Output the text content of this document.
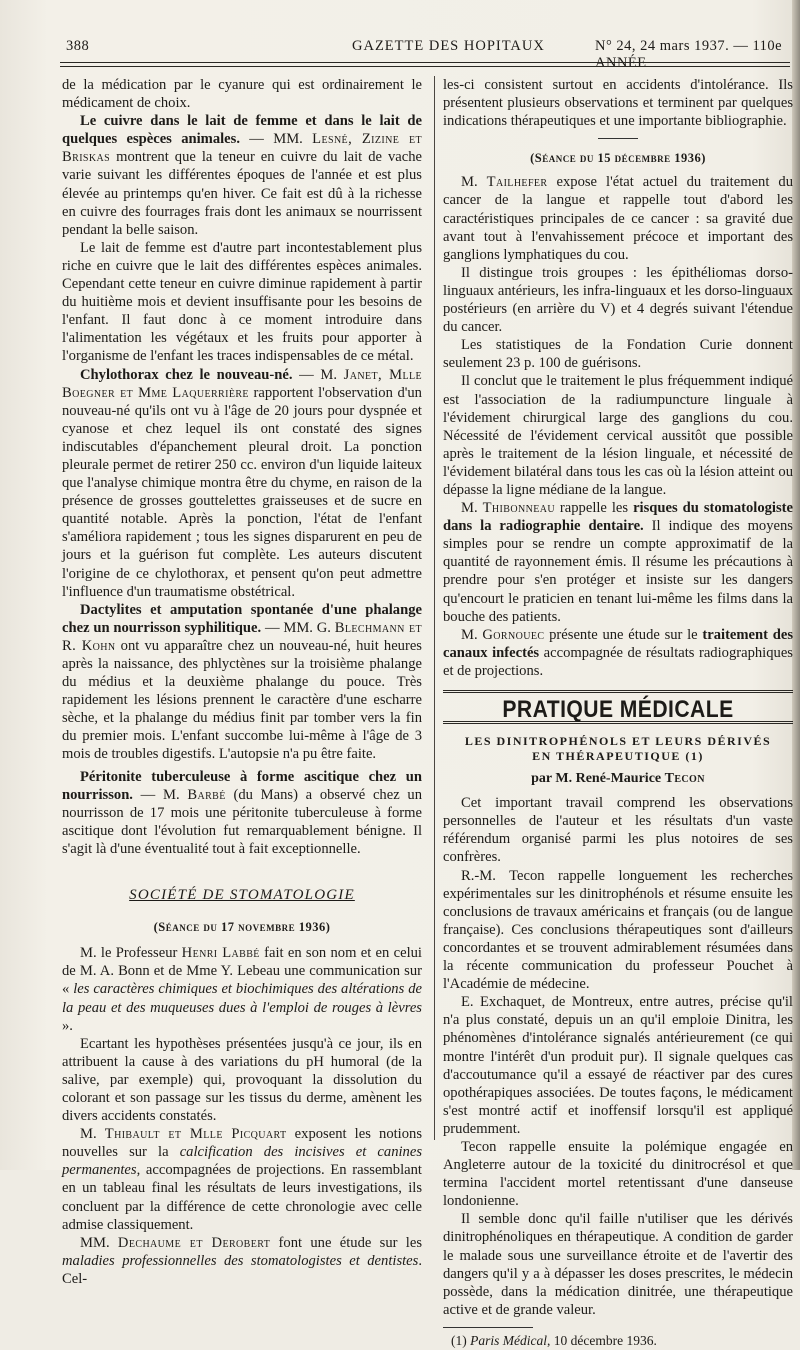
388	GAZETTE DES HOPITAUX	N° 24, 24 mars 1937. — 110e ANNÉE

de la médication par le cyanure qui est ordinairement le médicament de choix.

Le cuivre dans le lait de femme et dans le lait de quelques espèces animales. — MM. Lesné, Zizine et Briskas montrent que la teneur en cuivre du lait de vache varie suivant les différentes époques de l'année et est plus élevée au printemps qu'en hiver. Ce fait est dû à la richesse en cuivre des fourrages frais dont les animaux se nourrissent pendant la belle saison.

Le lait de femme est d'autre part incontestablement plus riche en cuivre que le lait des différentes espèces animales. Cependant cette teneur en cuivre diminue rapidement à partir du huitième mois et devient insuffisante pour les besoins de l'enfant. Il faut donc à ce moment introduire dans l'alimentation les végétaux et les fruits pour apporter à l'organisme de l'enfant les traces indispensables de ce métal.

Chylothorax chez le nouveau-né. — M. Janet, Mlle Boegner et Mme Laquerrière rapportent l'observation d'un nouveau-né qu'ils ont vu à l'âge de 20 jours pour dyspnée et cyanose et chez lequel ils ont constaté des signes indiscutables d'épanchement pleural droit. La ponction pleurale permet de retirer 250 cc. environ d'un liquide laiteux que l'analyse chimique montra être du chyme, en raison de la présence de grosses gouttelettes graisseuses et de sucre en quantité notable. Après la ponction, l'état de l'enfant s'améliora rapidement ; tous les signes disparurent en peu de jours et la guérison fut complète. Les auteurs discutent l'origine de ce chylothorax, et pensent qu'on peut admettre l'influence d'un traumatisme obstétrical.

Dactylites et amputation spontanée d'une phalange chez un nourrisson syphilitique. — MM. G. Blechmann et R. Kohn ont vu apparaître chez un nouveau-né, huit heures après la naissance, des phlyctènes sur la troisième phalange du médius et la deuxième phalange du pouce. Très rapidement les lésions prennent le caractère d'une escharre sèche, et la phalange du médius finit par tomber vers la fin du premier mois. L'enfant succombe lui-même à l'âge de 3 mois de troubles digestifs. L'autopsie n'a pu être faite.

Péritonite tuberculeuse à forme ascitique chez un nourrisson. — M. Barbé (du Mans) a observé chez un nourrisson de 17 mois une péritonite tuberculeuse à forme ascitique dont l'évolution fut remarquablement bénigne. Il s'agit là d'une éventualité tout à fait exceptionnelle.

SOCIÉTÉ DE STOMATOLOGIE
(Séance du 17 novembre 1936)

M. le Professeur Henri Labbé fait en son nom et en celui de M. A. Bonn et de Mme Y. Lebeau une communication sur « les caractères chimiques et biochimiques des altérations de la peau et des muqueuses dues à l'emploi de rouges à lèvres ».

Ecartant les hypothèses présentées jusqu'à ce jour, ils en attribuent la cause à des variations du pH humoral (de la salive, par exemple) qui, provoquant la dissolution du colorant et son passage sur les tissus du derme, amènent les divers accidents constatés.

M. Thibault et Mlle Picquart exposent les notions nouvelles sur la calcification des incisives et canines permanentes, accompagnées de projections. En rassemblant en un tableau final les résultats de leurs investigations, ils concluent par la différence de cette chronologie avec celle admise classiquement.

MM. Dechaume et Derobert font une étude sur les maladies professionnelles des stomatologistes et dentistes. Cel-

les-ci consistent surtout en accidents d'intolérance. Ils présentent plusieurs observations et terminent par quelques indications thérapeutiques et une importante bibliographie.

(Séance du 15 décembre 1936)

M. Tailhefer expose l'état actuel du traitement du cancer de la langue et rappelle tout d'abord les caractéristiques principales de ce cancer : sa gravité due avant tout à l'envahissement précoce et important des ganglions lymphatiques du cou.

Il distingue trois groupes : les épithéliomas dorso-linguaux antérieurs, les infra-linguaux et les dorso-linguaux postérieurs (en arrière du V) et 4 degrés suivant l'étendue du cancer.

Les statistiques de la Fondation Curie donnent seulement 23 p. 100 de guérisons.

Il conclut que le traitement le plus fréquemment indiqué est l'association de la radiumpuncture linguale à l'évidement chirurgical large des ganglions du cou. Nécessité de l'évidement cervical aussitôt que possible après le traitement de la lésion linguale, et nécessité de l'évidement bilatéral dans tous les cas où la lésion atteint ou dépasse la ligne médiane de la langue.

M. Thibonneau rappelle les risques du stomatologiste dans la radiographie dentaire. Il indique des moyens simples pour se rendre un compte approximatif de la quantité de rayonnement émis. Il résume les précautions à prendre pour s'en protéger et insiste sur les dangers qu'encourt le praticien en tenant lui-même les films dans la bouche des patients.

M. Gornouec présente une étude sur le traitement des canaux infectés accompagnée de résultats radiographiques et de projections.

PRATIQUE MÉDICALE
LES DINITROPHÉNOLS ET LEURS DÉRIVÉS
EN THÉRAPEUTIQUE (1)
par M. René-Maurice Tecon

Cet important travail comprend les observations personnelles de l'auteur et les résultats d'un vaste référendum organisé parmi les plus notoires de ses confrères.

R.-M. Tecon rappelle longuement les recherches expérimentales sur les dinitrophénols et résume ensuite les conclusions de travaux américains et français (ou de langue française). Ces conclusions thérapeutiques sont d'ailleurs concordantes et se trouvent admirablement résumées dans la récente communication du professeur Pouchet à l'Académie de médecine.

E. Exchaquet, de Montreux, entre autres, précise qu'il n'a plus constaté, depuis un an qu'il emploie Dinitra, les phénomènes d'intolérance signalés antérieurement (ce qui montre l'intérêt d'un produit pur). Il signale quelques cas d'accoutumance qu'il a essayé de réactiver par des cures opothérapiques associées. De toutes façons, le médicament s'est montré actif et inoffensif lorsqu'il est appliqué prudemment.

Tecon rappelle ensuite la polémique engagée en Angleterre autour de la toxicité du dinitrocrésol et que termina l'accident mortel retentissant d'une danseuse londonienne.

Il semble donc qu'il faille n'utiliser que les dérivés dinitrophénoliques en thérapeutique. A condition de garder le malade sous une surveillance étroite et de l'avertir des dangers qu'il y a à dépasser les doses prescrites, le médecin possède, dans la médication dinitrée, une thérapeutique active et de grande valeur.

(1) Paris Médical, 10 décembre 1936.
